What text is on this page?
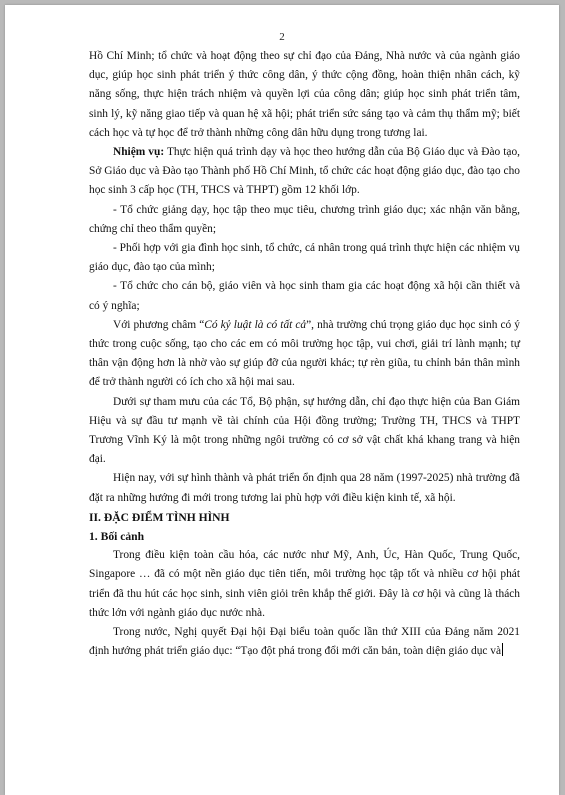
2

Hồ Chí Minh; tổ chức và hoạt động theo sự chỉ đạo của Đảng, Nhà nước và của ngành giáo dục, giúp học sinh phát triển ý thức công dân, ý thức cộng đồng, hoàn thiện nhân cách, kỹ năng sống, thực hiện trách nhiệm và quyền lợi của công dân; giúp học sinh phát triển tâm, sinh lý, kỹ năng giao tiếp và quan hệ xã hội; phát triển sức sáng tạo và cảm thụ thẩm mỹ; biết cách học và tự học để trở thành những công dân hữu dụng trong tương lai.

Nhiệm vụ: Thực hiện quá trình dạy và học theo hướng dẫn của Bộ Giáo dục và Đào tạo, Sở Giáo dục và Đào tạo Thành phố Hồ Chí Minh, tổ chức các hoạt động giáo dục, đào tạo cho học sinh 3 cấp học (TH, THCS và THPT) gồm 12 khối lớp.

- Tổ chức giảng dạy, học tập theo mục tiêu, chương trình giáo dục; xác nhận văn bằng, chứng chỉ theo thẩm quyền;

- Phối hợp với gia đình học sinh, tổ chức, cá nhân trong quá trình thực hiện các nhiệm vụ giáo dục, đào tạo của mình;

- Tổ chức cho cán bộ, giáo viên và học sinh tham gia các hoạt động xã hội cần thiết và có ý nghĩa;

Với phương châm “Có kỷ luật là có tất cả”, nhà trường chú trọng giáo dục học sinh có ý thức trong cuộc sống, tạo cho các em có môi trường học tập, vui chơi, giải trí lành mạnh; tự thân vận động hơn là nhờ vào sự giúp đỡ của người khác; tự rèn giũa, tu chỉnh bản thân mình để trở thành người có ích cho xã hội mai sau.

Dưới sự tham mưu của các Tổ, Bộ phận, sự hướng dẫn, chỉ đạo thực hiện của Ban Giám Hiệu và sự đầu tư mạnh về tài chính của Hội đồng trường; Trường TH, THCS và THPT Trương Vĩnh Ký là một trong những ngôi trường có cơ sở vật chất khá khang trang và hiện đại.

Hiện nay, với sự hình thành và phát triển ổn định qua 28 năm (1997-2025) nhà trường đã đặt ra những hướng đi mới trong tương lai phù hợp với điều kiện kinh tế, xã hội.

II. ĐẶC ĐIỂM TÌNH HÌNH
1. Bối cảnh

Trong điều kiện toàn cầu hóa, các nước như Mỹ, Anh, Úc, Hàn Quốc, Trung Quốc, Singapore … đã có một nền giáo dục tiên tiến, môi trường học tập tốt và nhiều cơ hội phát triển đã thu hút các học sinh, sinh viên giỏi trên khắp thế giới. Đây là cơ hội và cũng là thách thức lớn với ngành giáo dục nước nhà.

Trong nước, Nghị quyết Đại hội Đại biểu toàn quốc lần thứ XIII của Đảng năm 2021 định hướng phát triển giáo dục: “Tạo đột phá trong đổi mới căn bản, toàn diện giáo dục và
